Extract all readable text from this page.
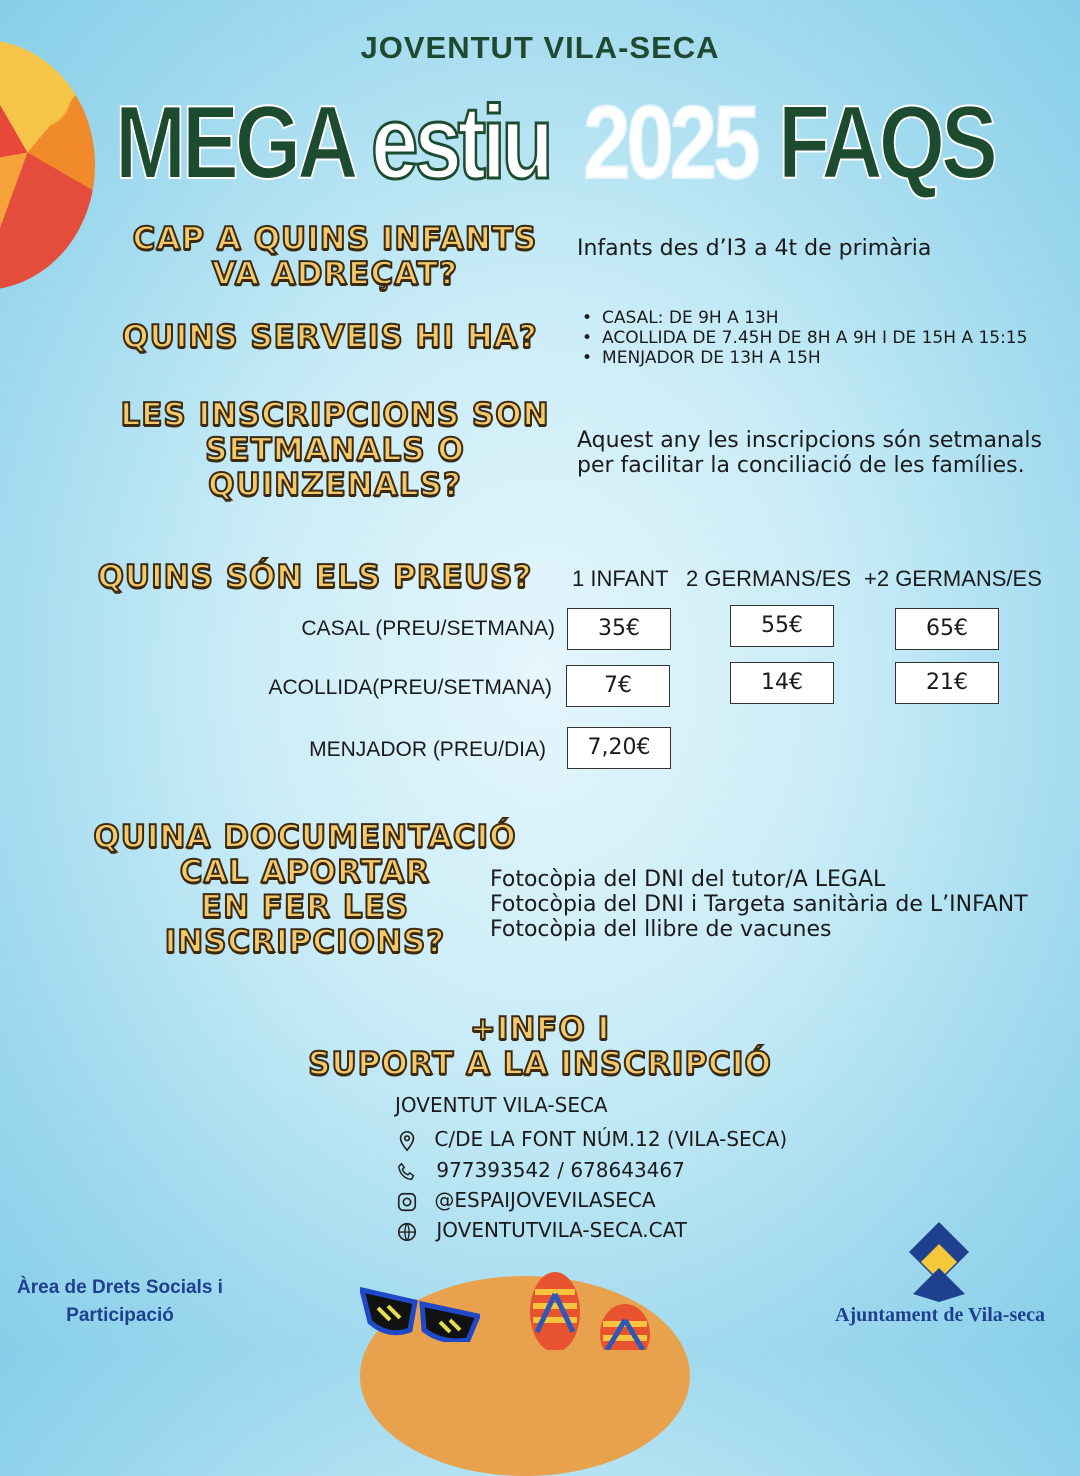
JOVENTUT VILA-SECA
MEGA estiu 2025 FAQS
CAP A QUINS INFANTS
VA ADREÇAT?
Infants des d’I3 a 4t de primària
QUINS SERVEIS HI HA?
• CASAL: DE 9H A 13H
• ACOLLIDA DE 7.45H DE 8H A 9H I DE 15H A 15:15
• MENJADOR DE 13H A 15H
LES INSCRIPCIONS SON
SETMANALS O
QUINZENALS?
Aquest any les inscripcions són setmanals
per facilitar la conciliació de les famílies.
QUINS SÓN ELS PREUS?	1 INFANT 2 GERMANS/ES +2 GERMANS/ES
CASAL (PREU/SETMANA)	35€	55€	65€
ACOLLIDA(PREU/SETMANA)	7€	14€	21€
MENJADOR (PREU/DIA)	7,20€
QUINA DOCUMENTACIÓ
CAL APORTAR
EN FER LES
INSCRIPCIONS?
Fotocòpia del DNI del tutor/A LEGAL
Fotocòpia del DNI i Targeta sanitària de L’INFANT
Fotocòpia del llibre de vacunes
+INFO I
SUPORT A LA INSCRIPCIÓ
JOVENTUT VILA-SECA
C/DE LA FONT NÚM.12 (VILA-SECA)
977393542 / 678643467
@ESPAIJOVEVILASECA
JOVENTUTVILA-SECA.CAT
Àrea de Drets Socials i
Participació	Ajuntament de Vila-seca
